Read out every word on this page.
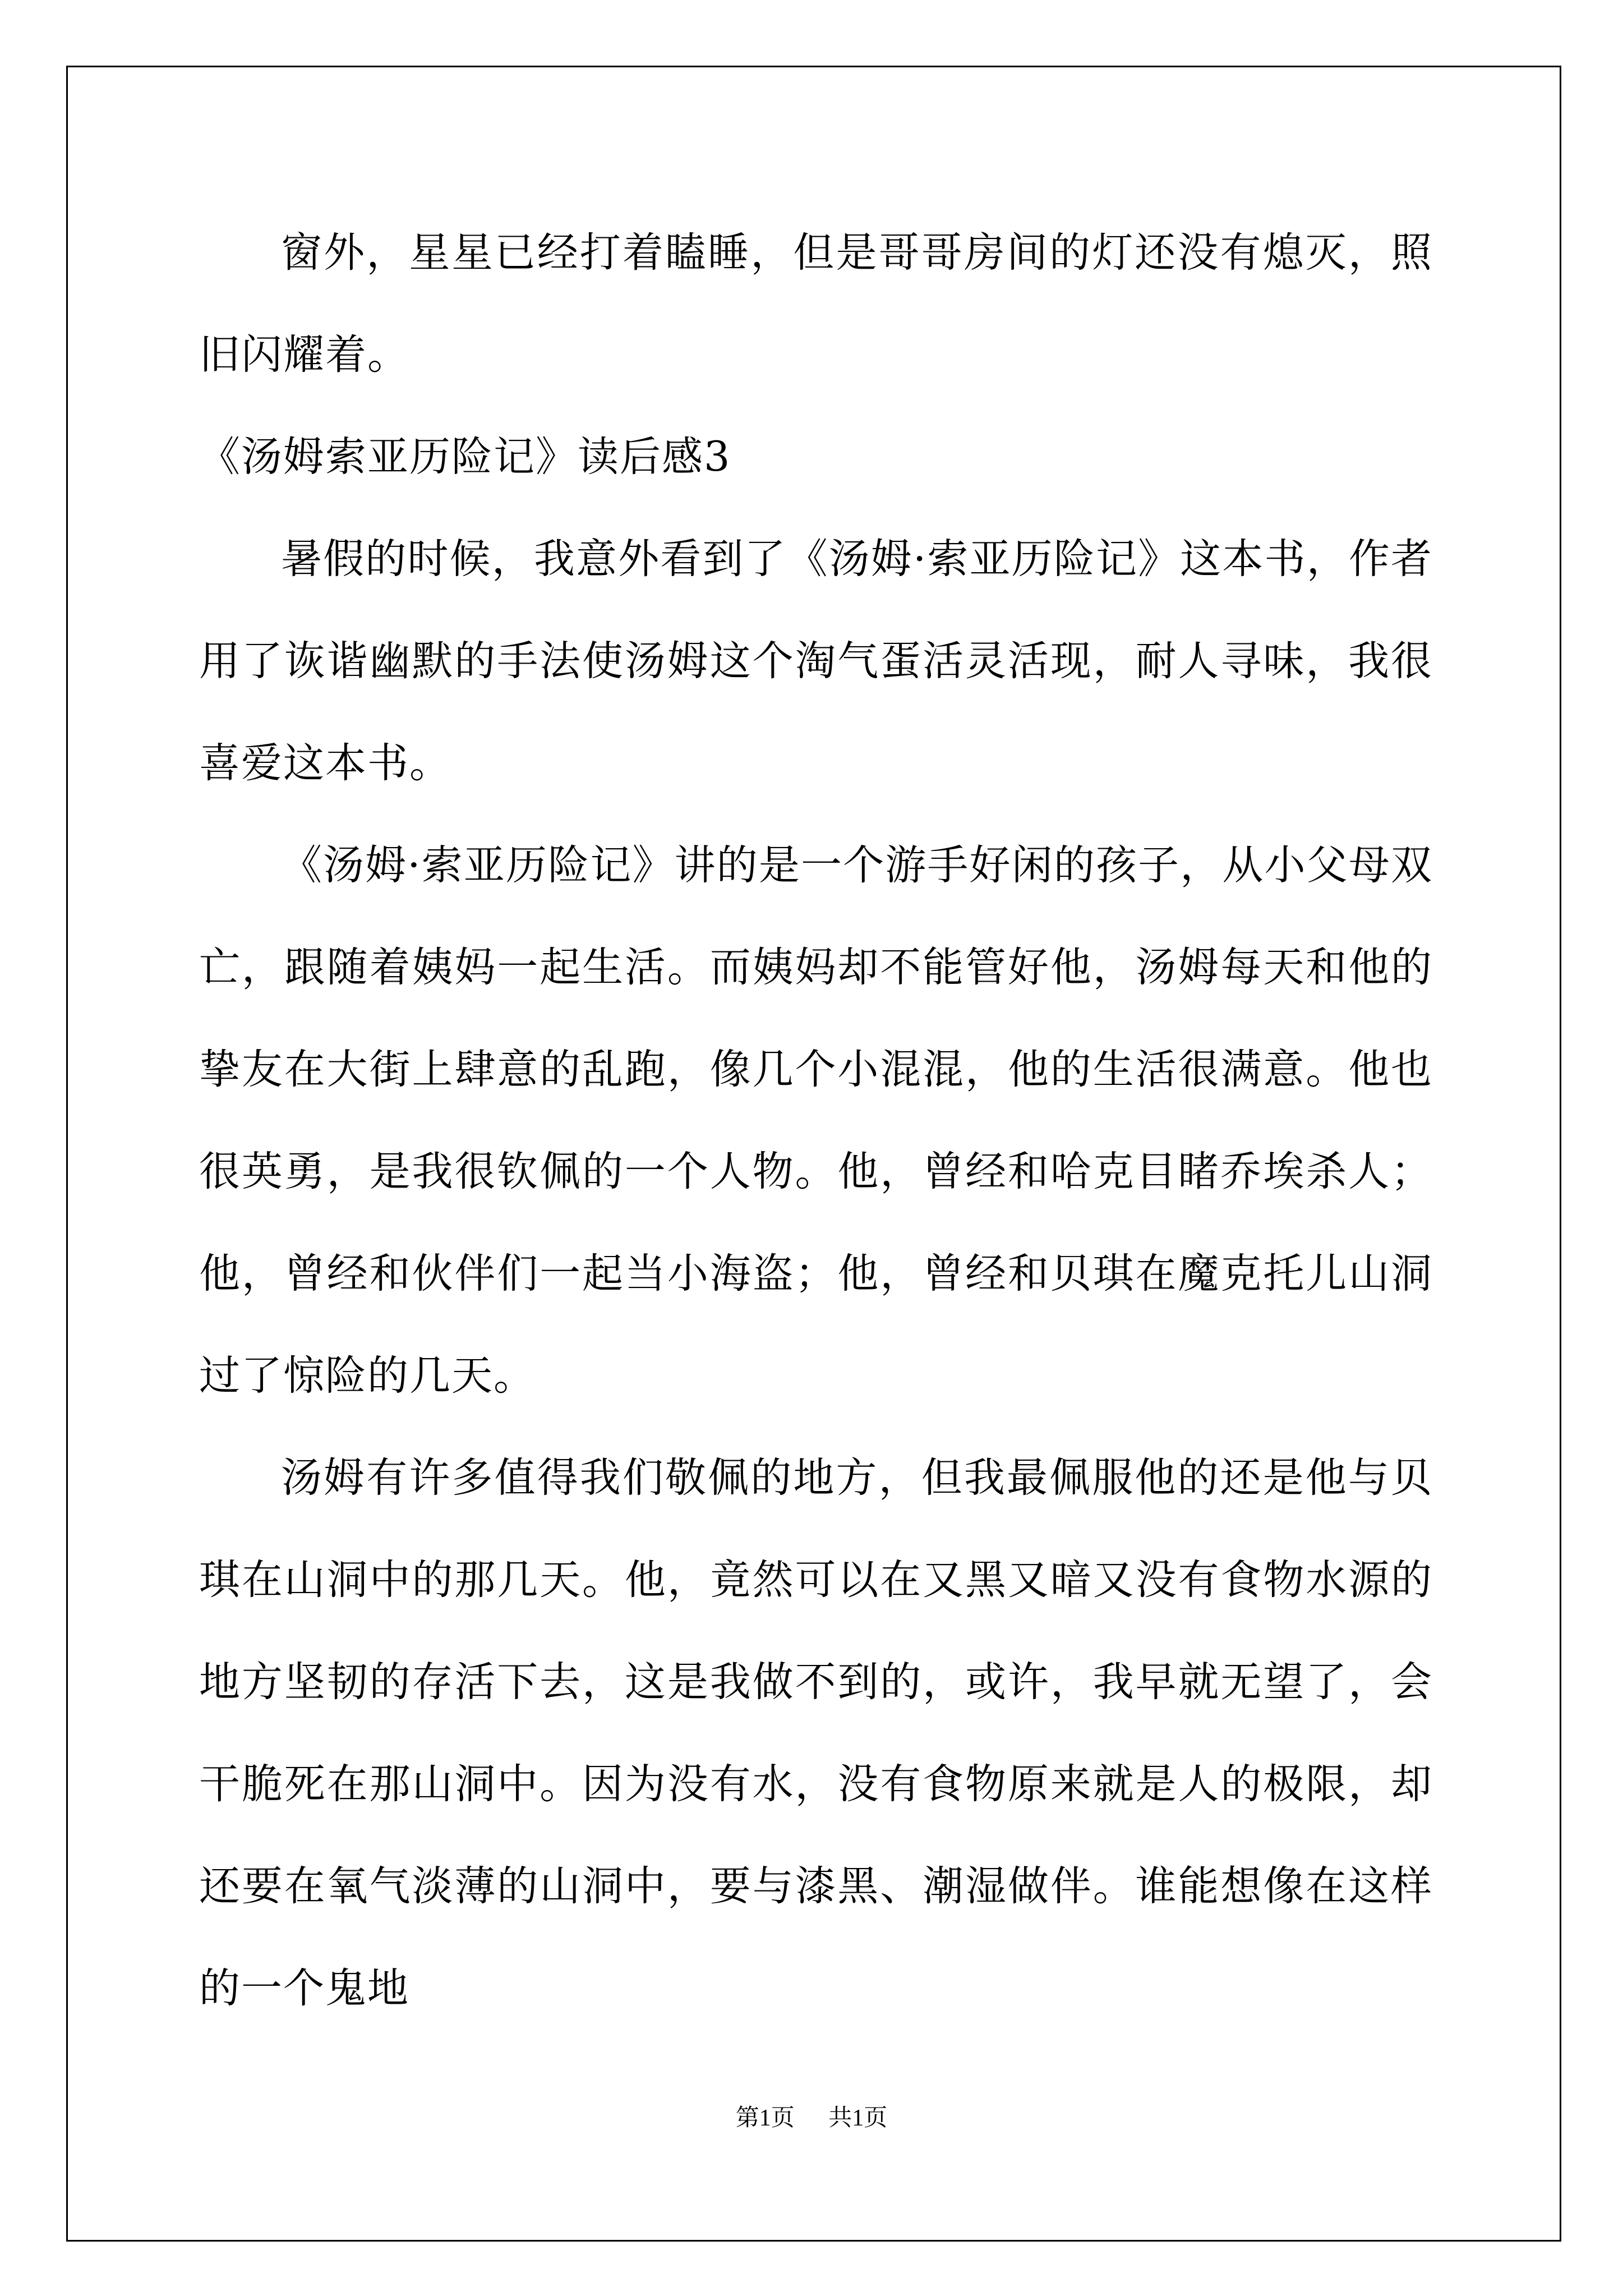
窗外，星星已经打着瞌睡，但是哥哥房间的灯还没有熄灭，照旧闪耀着。

《汤姆索亚历险记》读后感3

暑假的时候，我意外看到了《汤姆·索亚历险记》这本书，作者用了诙谐幽默的手法使汤姆这个淘气蛋活灵活现，耐人寻味，我很喜爱这本书。

《汤姆·索亚历险记》讲的是一个游手好闲的孩子，从小父母双亡，跟随着姨妈一起生活。而姨妈却不能管好他，汤姆每天和他的挚友在大街上肆意的乱跑，像几个小混混，他的生活很满意。他也很英勇，是我很钦佩的一个人物。他，曾经和哈克目睹乔埃杀人；他，曾经和伙伴们一起当小海盗；他，曾经和贝琪在魔克托儿山洞过了惊险的几天。

汤姆有许多值得我们敬佩的地方，但我最佩服他的还是他与贝琪在山洞中的那几天。他，竟然可以在又黑又暗又没有食物水源的地方坚韧的存活下去，这是我做不到的，或许，我早就无望了，会干脆死在那山洞中。因为没有水，没有食物原来就是人的极限，却还要在氧气淡薄的山洞中，要与漆黑、潮湿做伴。谁能想像在这样的一个鬼地

第1页 共1页
